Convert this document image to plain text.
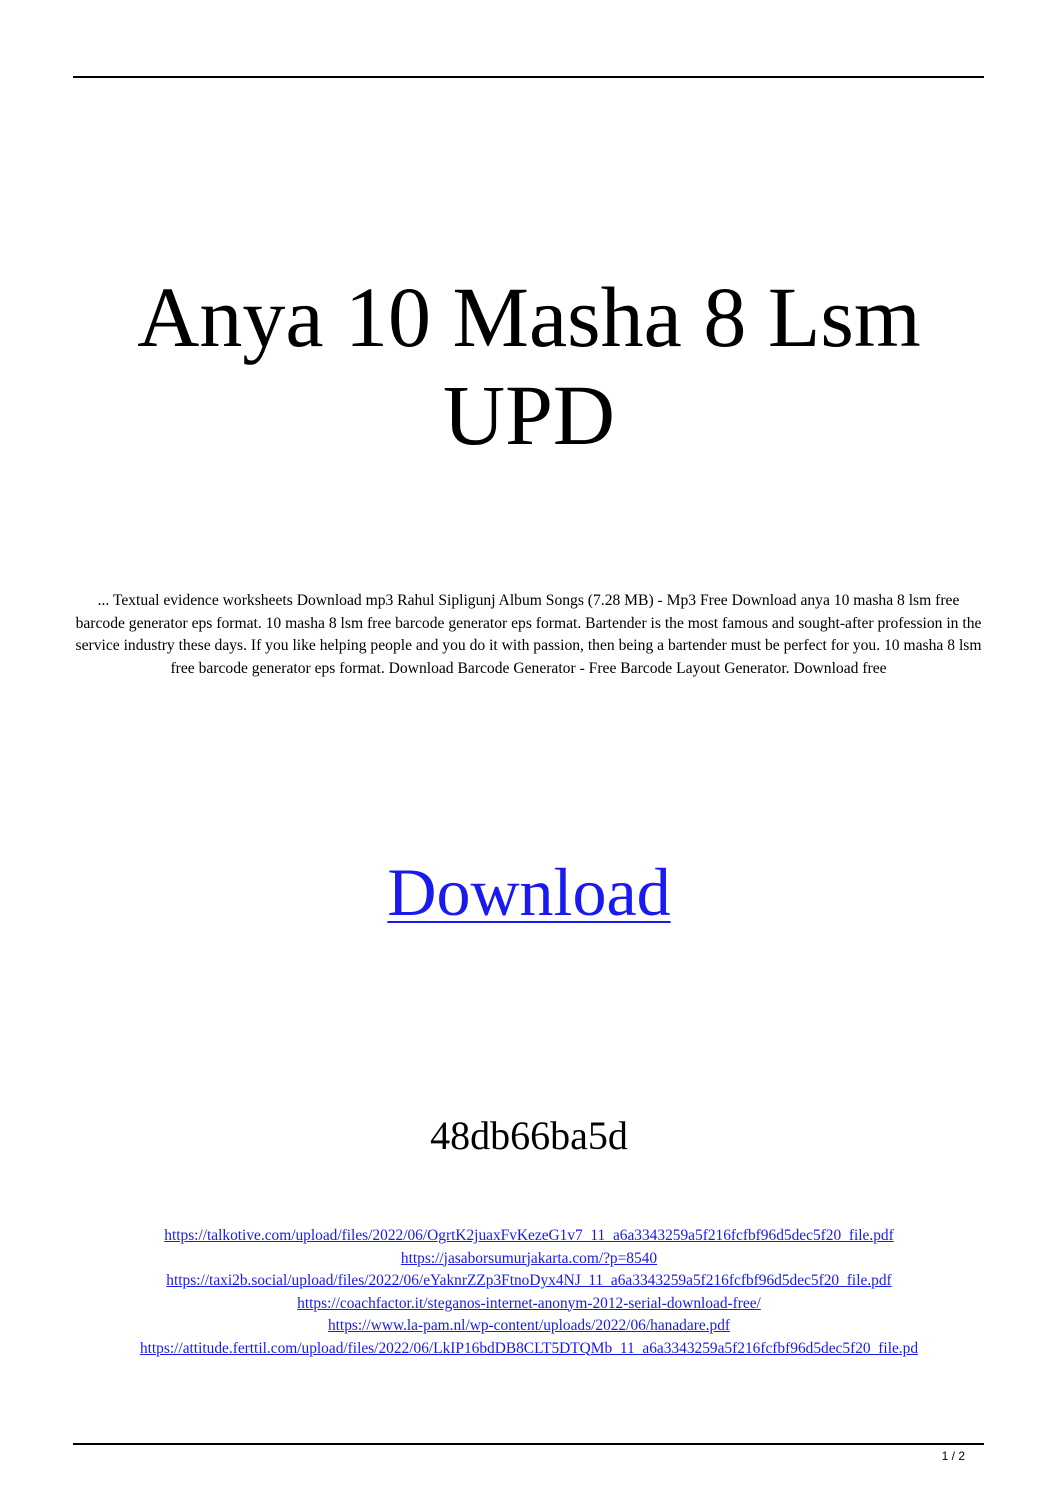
Anya 10 Masha 8 Lsm
UPD

... Textual evidence worksheets Download mp3 Rahul Sipligunj Album Songs (7.28 MB) - Mp3 Free Download anya 10 masha 8 lsm free barcode generator eps format. 10 masha 8 lsm free barcode generator eps format. Bartender is the most famous and sought-after profession in the service industry these days. If you like helping people and you do it with passion, then being a bartender must be perfect for you. 10 masha 8 lsm free barcode generator eps format. Download Barcode Generator - Free Barcode Layout Generator. Download free

Download
48db66ba5d
https://talkotive.com/upload/files/2022/06/OgrtK2juaxFvKezeG1v7_11_a6a3343259a5f216fcfbf96d5dec5f20_file.pdf
https://jasaborsumurjakarta.com/?p=8540
https://taxi2b.social/upload/files/2022/06/eYaknrZZp3FtnoDyx4NJ_11_a6a3343259a5f216fcfbf96d5dec5f20_file.pdf
https://coachfactor.it/steganos-internet-anonym-2012-serial-download-free/
https://www.la-pam.nl/wp-content/uploads/2022/06/hanadare.pdf
https://attitude.ferttil.com/upload/files/2022/06/LkIP16bdDB8CLT5DTQMb_11_a6a3343259a5f216fcfbf96d5dec5f20_file.pd
1 / 2
